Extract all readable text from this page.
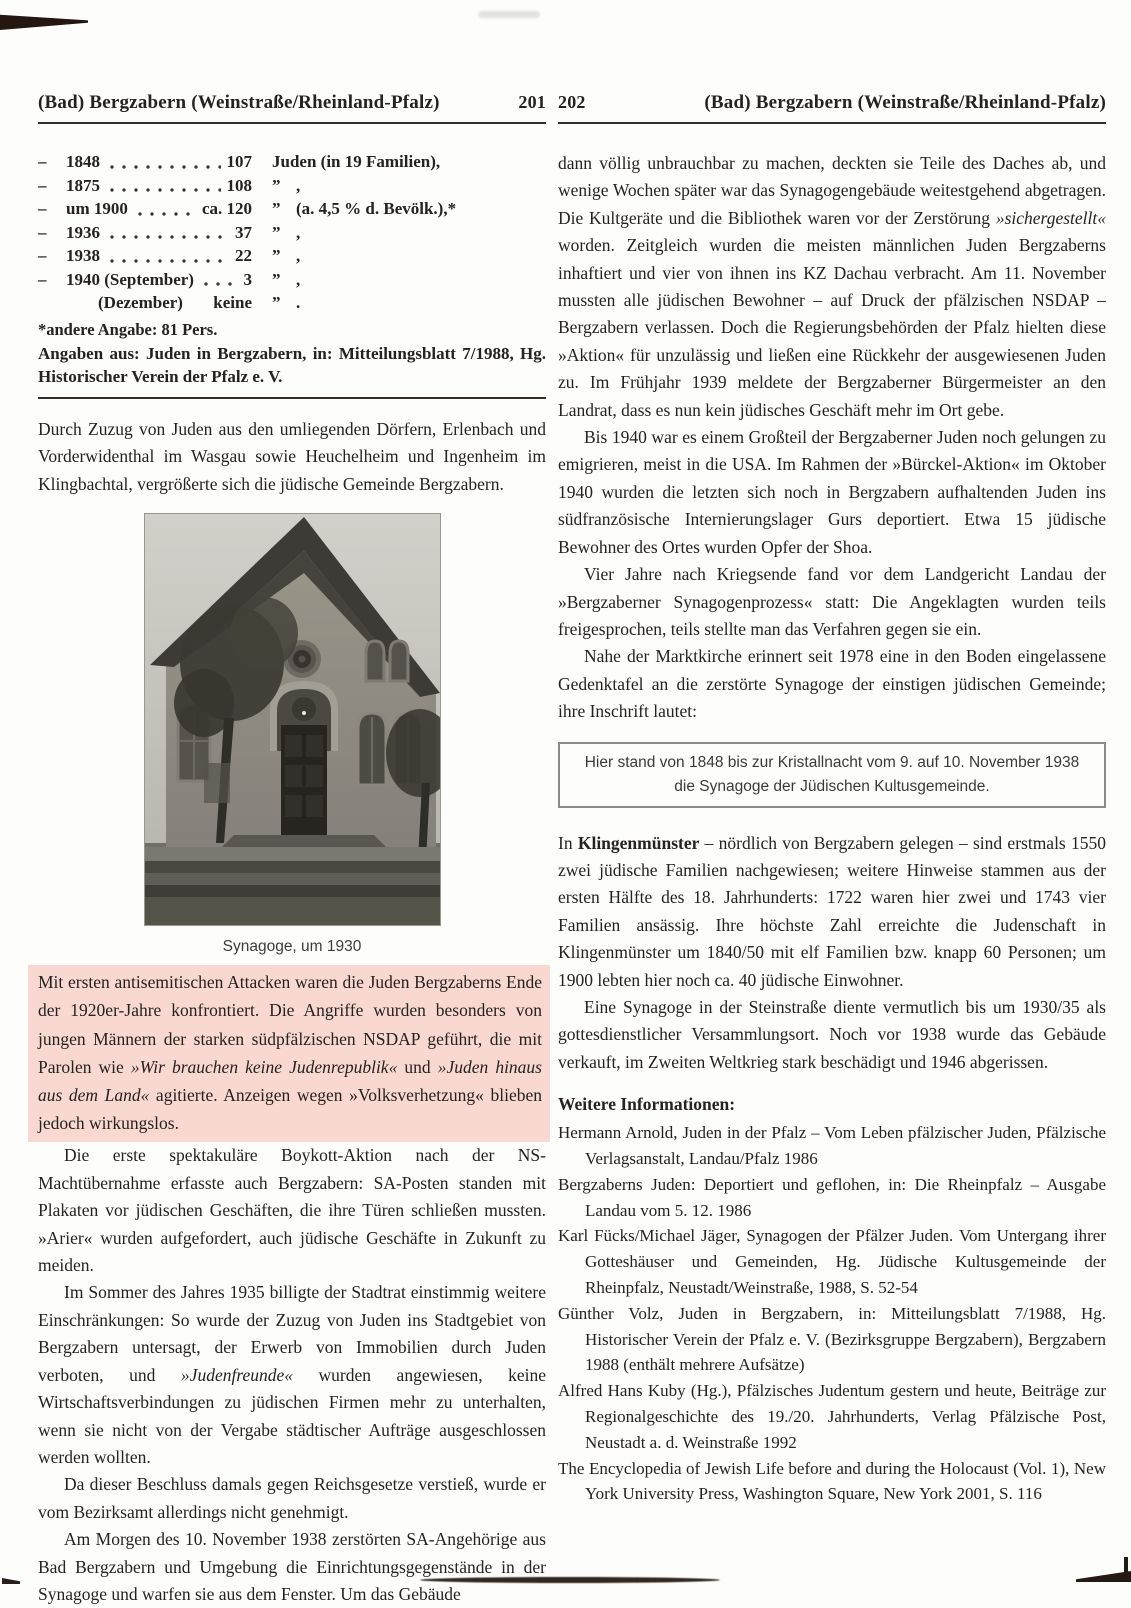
(Bad) Bergzabern (Weinstraße/Rheinland-Pfalz)	201
–	1848	107 Juden (in 19 Familien),
–	1875	108 ” ,
–	um 1900	ca. 120 ” (a. 4,5 % d. Bevölk.),*
–	1936	37 ” ,
–	1938	22 ” ,
–	1940 (September)	3 ” ,
(Dezember) keine ” .
*andere Angabe: 81 Pers.
Angaben aus: Juden in Bergzabern, in: Mitteilungsblatt 7/1988, Hg. Historischer Verein der Pfalz e. V.

Durch Zuzug von Juden aus den umliegenden Dörfern, Erlenbach und Vorderwidenthal im Wasgau sowie Heuchelheim und Ingenheim im Klingbachtal, vergrößerte sich die jüdische Gemeinde Bergzabern.

Synagoge, um 1930

Mit ersten antisemitischen Attacken waren die Juden Bergzaberns Ende der 1920er-Jahre konfrontiert. Die Angriffe wurden besonders von jungen Männern der starken südpfälzischen NSDAP geführt, die mit Parolen wie »Wir brauchen keine Judenrepublik« und »Juden hinaus aus dem Land« agitierte. Anzeigen wegen »Volksverhetzung« blieben jedoch wirkungslos.

Die erste spektakuläre Boykott-Aktion nach der NS-Machtübernahme erfasste auch Bergzabern: SA-Posten standen mit Plakaten vor jüdischen Geschäften, die ihre Türen schließen mussten. »Arier« wurden aufgefordert, auch jüdische Geschäfte in Zukunft zu meiden.

Im Sommer des Jahres 1935 billigte der Stadtrat einstimmig weitere Einschränkungen: So wurde der Zuzug von Juden ins Stadtgebiet von Bergzabern untersagt, der Erwerb von Immobilien durch Juden verboten, und »Judenfreunde« wurden angewiesen, keine Wirtschaftsverbindungen zu jüdischen Firmen mehr zu unterhalten, wenn sie nicht von der Vergabe städtischer Aufträge ausgeschlossen werden wollten.

Da dieser Beschluss damals gegen Reichsgesetze verstieß, wurde er vom Bezirksamt allerdings nicht genehmigt.

Am Morgen des 10. November 1938 zerstörten SA-Angehörige aus Bad Bergzabern und Umgebung die Einrichtungsgegenstände in der Synagoge und warfen sie aus dem Fenster. Um das Gebäude

202	(Bad) Bergzabern (Weinstraße/Rheinland-Pfalz)

dann völlig unbrauchbar zu machen, deckten sie Teile des Daches ab, und wenige Wochen später war das Synagogengebäude weitestgehend abgetragen. Die Kultgeräte und die Bibliothek waren vor der Zerstörung »sichergestellt« worden. Zeitgleich wurden die meisten männlichen Juden Bergzaberns inhaftiert und vier von ihnen ins KZ Dachau verbracht. Am 11. November mussten alle jüdischen Bewohner – auf Druck der pfälzischen NSDAP – Bergzabern verlassen. Doch die Regierungsbehörden der Pfalz hielten diese »Aktion« für unzulässig und ließen eine Rückkehr der ausgewiesenen Juden zu. Im Frühjahr 1939 meldete der Bergzaberner Bürgermeister an den Landrat, dass es nun kein jüdisches Geschäft mehr im Ort gebe.

Bis 1940 war es einem Großteil der Bergzaberner Juden noch gelungen zu emigrieren, meist in die USA. Im Rahmen der »Bürckel-Aktion« im Oktober 1940 wurden die letzten sich noch in Bergzabern aufhaltenden Juden ins südfranzösische Internierungslager Gurs deportiert. Etwa 15 jüdische Bewohner des Ortes wurden Opfer der Shoa.

Vier Jahre nach Kriegsende fand vor dem Landgericht Landau der »Bergzaberner Synagogenprozess« statt: Die Angeklagten wurden teils freigesprochen, teils stellte man das Verfahren gegen sie ein.

Nahe der Marktkirche erinnert seit 1978 eine in den Boden eingelassene Gedenktafel an die zerstörte Synagoge der einstigen jüdischen Gemeinde; ihre Inschrift lautet:

Hier stand von 1848 bis zur Kristallnacht vom 9. auf 10. November 1938
die Synagoge der Jüdischen Kultusgemeinde.

In Klingenmünster – nördlich von Bergzabern gelegen – sind erstmals 1550 zwei jüdische Familien nachgewiesen; weitere Hinweise stammen aus der ersten Hälfte des 18. Jahrhunderts: 1722 waren hier zwei und 1743 vier Familien ansässig. Ihre höchste Zahl erreichte die Judenschaft in Klingenmünster um 1840/50 mit elf Familien bzw. knapp 60 Personen; um 1900 lebten hier noch ca. 40 jüdische Einwohner.

Eine Synagoge in der Steinstraße diente vermutlich bis um 1930/35 als gottesdienstlicher Versammlungsort. Noch vor 1938 wurde das Gebäude verkauft, im Zweiten Weltkrieg stark beschädigt und 1946 abgerissen.

Weitere Informationen:

Hermann Arnold, Juden in der Pfalz – Vom Leben pfälzischer Juden, Pfälzische Verlagsanstalt, Landau/Pfalz 1986

Bergzaberns Juden: Deportiert und geflohen, in: Die Rheinpfalz – Ausgabe Landau vom 5. 12. 1986

Karl Fücks/Michael Jäger, Synagogen der Pfälzer Juden. Vom Untergang ihrer Gotteshäuser und Gemeinden, Hg. Jüdische Kultusgemeinde der Rheinpfalz, Neustadt/Weinstraße, 1988, S. 52-54

Günther Volz, Juden in Bergzabern, in: Mitteilungsblatt 7/1988, Hg. Historischer Verein der Pfalz e. V. (Bezirksgruppe Bergzabern), Bergzabern 1988 (enthält mehrere Aufsätze)

Alfred Hans Kuby (Hg.), Pfälzisches Judentum gestern und heute, Beiträge zur Regionalgeschichte des 19./20. Jahrhunderts, Verlag Pfälzische Post, Neustadt a. d. Weinstraße 1992

The Encyclopedia of Jewish Life before and during the Holocaust (Vol. 1), New York University Press, Washington Square, New York 2001, S. 116
